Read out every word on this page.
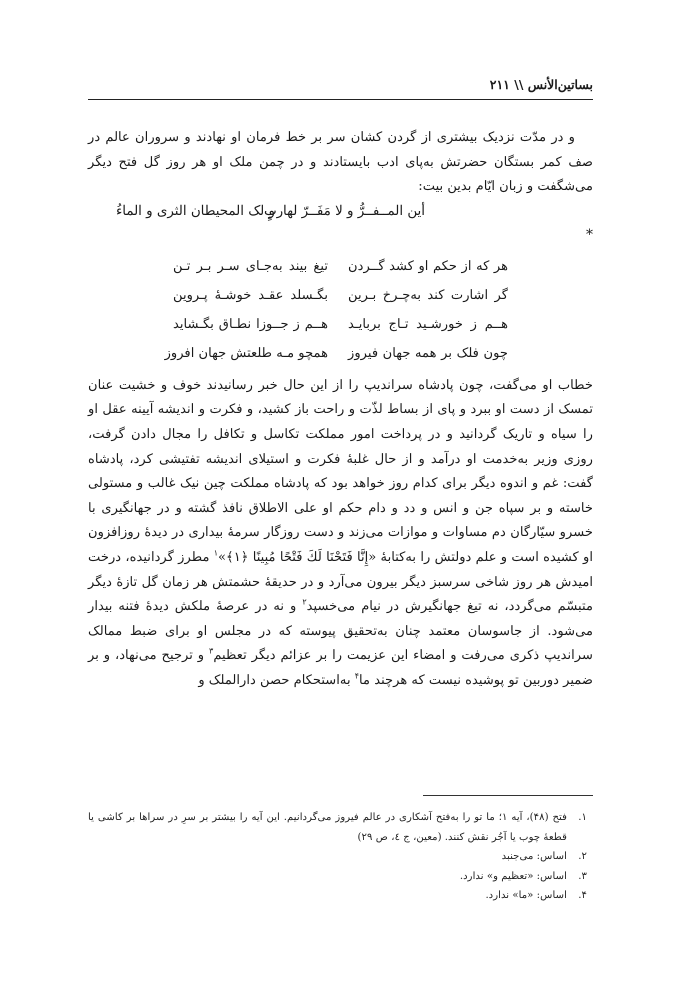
بساتین‌الأنس \\ ۲۱۱

و در مدّت نزدیک بیشتری از گردن کشان سر بر خط فرمان او نهادند و سروران عالم در صف کمر بستگان حضرتش به‌پای ادب بایستادند و در چمن ملک او هر روز گل فتح دیگر می‌شگفت و زبان ایّام بدین بیت:

أین المــفــرُّ و لا مَفَــرّ لهاربٍ
و لک المحیطان الثری و الماءُ

*

هر که از حکم او کشد گــردن
تیغ بیند به‌جـای سـر بـر تـن
گر اشارت کند به‌چـرخ بـرین
بگـسلد عقـد خوشـهٔ پـروین
هــم ز خورشـید تـاج بربایـد
هــم ز جــوزا نطـاق بگـشاید
چون فلک بر همه جهان فیروز
همچو مـه طلعتش جهان افروز

خطاب او می‌گفت، چون پادشاه سراندیپ را از این حال خبر رسانیدند خوف و خشیت عنان تمسک از دست او ببرد و پای از بساط لذّت و راحت باز کشید، و فکرت و اندیشه آیینه عقل او را سیاه و تاریک گردانید و در پرداخت امور مملکت تکاسل و تکافل را مجال دادن گرفت، روزی وزیر به‌خدمت او درآمد و از حال غلبهٔ فکرت و استیلای اندیشه تفتیشی کرد، پادشاه گفت: غم و اندوه دیگر برای کدام روز خواهد بود که پادشاه مملکت چین نیک غالب و مستولی خاسته و بر سپاه جن و انس و دد و دام حکم او علی الاطلاق نافذ گشته و در جهانگیری با خسرو سیّارگان دم مساوات و موازات می‌زند و دست روزگار سرمهٔ بیداری در دیدهٔ روزافزون او کشیده است و علم دولتش را به‌کتابهٔ «إِنَّا فَتَحْنَا لَكَ فَتْحًا مُبِينًا ﴿۱﴾»$^۱$ مطرز گردانیده، درخت امیدش هر روز شاخی سرسبز دیگر بیرون می‌آرد و در حدیقهٔ حشمتش هر زمان گل تازهٔ دیگر متبسّم می‌گردد، نه تیغ جهانگیرش در نیام می‌خسپد$^۲$ و نه در عرصهٔ ملکش دیدهٔ فتنه بیدار می‌شود. از جاسوسان معتمد چنان به‌تحقیق پیوسته که در مجلس او برای ضبط ممالک سراندیپ ذکری می‌رفت و امضاء این عزیمت را بر عزائم دیگر تعظیم$^۳$ و ترجیح می‌نهاد، و بر ضمیر دوربین تو پوشیده نیست که هرچند ما$^۴$ به‌استحکام حصن دارالملک و

۱.
فتح (۴۸)، آیه ۱؛ ما تو را به‌فتح آشکاری در عالم فیروز می‌گردانیم. این آیه را بیشتر بر سرِ در سراها بر کاشی یا قطعهٔ چوب یا آجُر نقش کنند. (معین، ج ٤، ص ۲۹)

۲.
اساس: می‌جنبد

۳.
اساس: «تعظیم و» ندارد.

۴.
اساس: «ما» ندارد.
